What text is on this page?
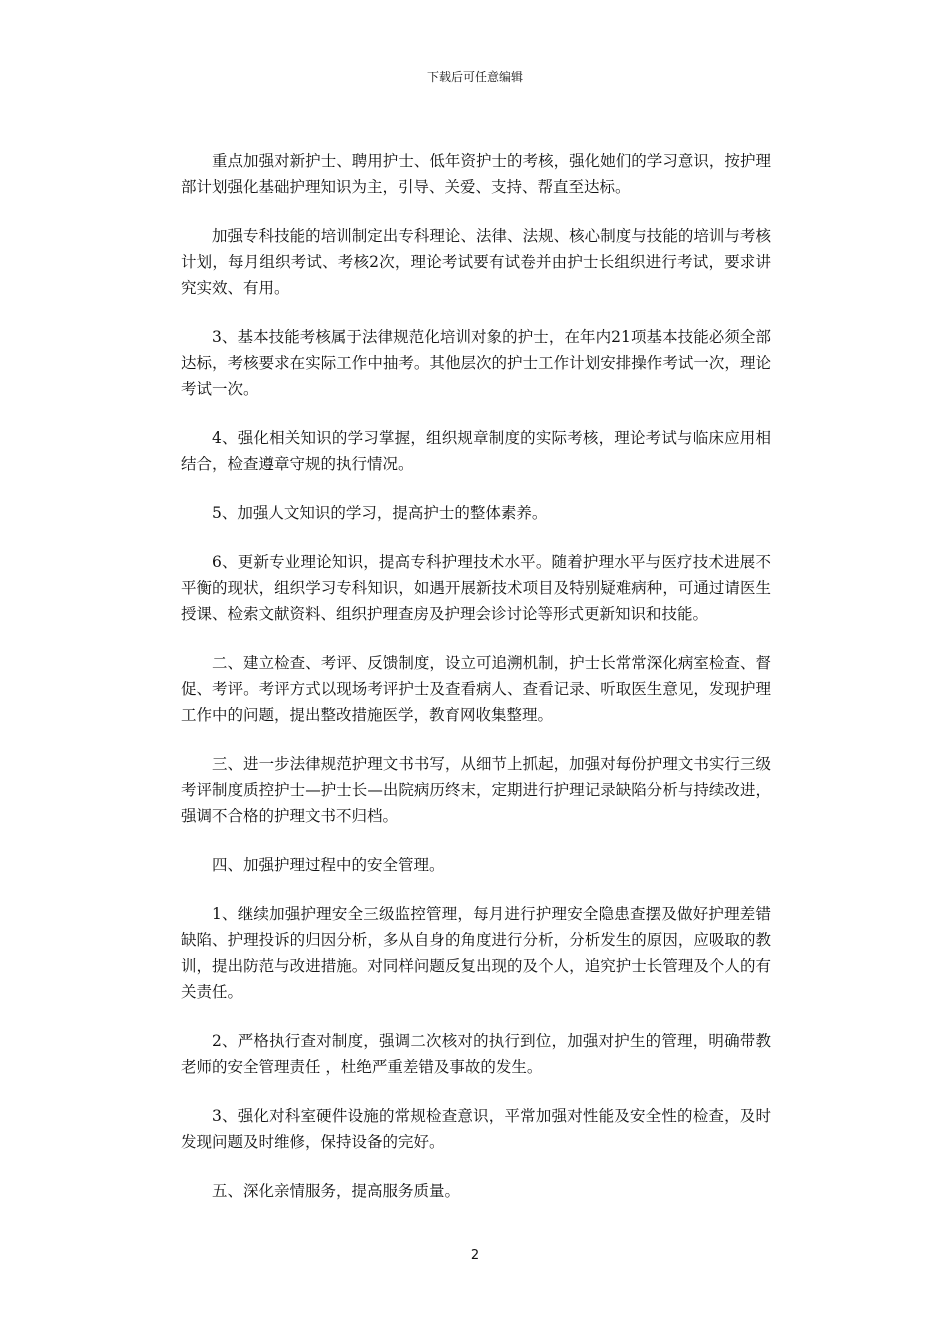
下载后可任意编辑

重点加强对新护士、聘用护士、低年资护士的考核，强化她们的学习意识，按护理部计划强化基础护理知识为主，引导、关爱、支持、帮直至达标。

加强专科技能的培训制定出专科理论、法律、法规、核心制度与技能的培训与考核计划，每月组织考试、考核2次，理论考试要有试卷并由护士长组织进行考试，要求讲究实效、有用。

3、基本技能考核属于法律规范化培训对象的护士，在年内21项基本技能必须全部达标，考核要求在实际工作中抽考。其他层次的护士工作计划安排操作考试一次，理论考试一次。

4、强化相关知识的学习掌握，组织规章制度的实际考核，理论考试与临床应用相结合，检查遵章守规的执行情况。

5、加强人文知识的学习，提高护士的整体素养。

6、更新专业理论知识，提高专科护理技术水平。随着护理水平与医疗技术进展不平衡的现状，组织学习专科知识，如遇开展新技术项目及特别疑难病种，可通过请医生授课、检索文献资料、组织护理查房及护理会诊讨论等形式更新知识和技能。

二、建立检查、考评、反馈制度，设立可追溯机制，护士长常常深化病室检查、督促、考评。考评方式以现场考评护士及查看病人、查看记录、听取医生意见，发现护理工作中的问题，提出整改措施医学，教育网收集整理。

三、进一步法律规范护理文书书写，从细节上抓起，加强对每份护理文书实行三级考评制度质控护士—护士长—出院病历终末，定期进行护理记录缺陷分析与持续改进，强调不合格的护理文书不归档。

四、加强护理过程中的安全管理。

1、继续加强护理安全三级监控管理，每月进行护理安全隐患查摆及做好护理差错缺陷、护理投诉的归因分析，多从自身的角度进行分析，分析发生的原因，应吸取的教训，提出防范与改进措施。对同样问题反复出现的及个人，追究护士长管理及个人的有关责任。

2、严格执行查对制度，强调二次核对的执行到位，加强对护生的管理，明确带教老师的安全管理责任 ，杜绝严重差错及事故的发生。

3、强化对科室硬件设施的常规检查意识，平常加强对性能及安全性的检查，及时发现问题及时维修，保持设备的完好。

五、深化亲情服务，提高服务质量。

2
